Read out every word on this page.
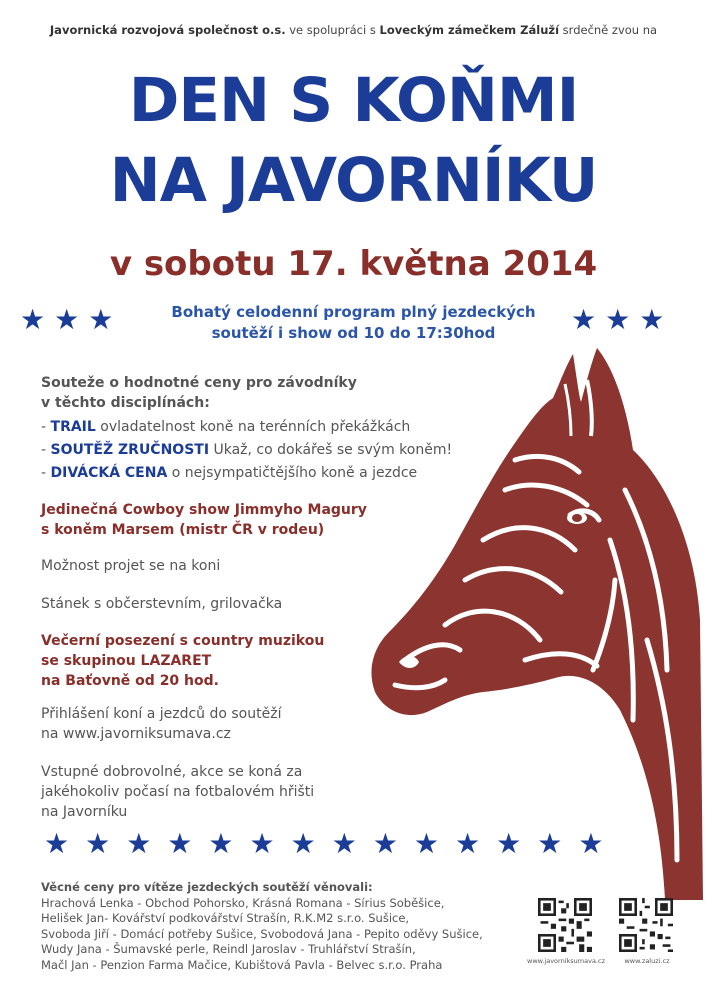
Javornická rozvojová společnost o.s. ve spolupráci s Loveckým zámečkem Záluží srdečně zvou na
DEN S KOŇMI
NA JAVORNÍKU
v sobotu 17. května 2014
★★★	★★★
Bohatý celodenní program plný jezdeckých
soutěží i show od 10 do 17:30hod
Souteže o hodnotné ceny pro závodníky
v těchto disciplínách:
- TRAIL ovladatelnost koně na terénních překážkách
- SOUTĚŽ ZRUČNOSTI Ukaž, co dokářeš se svým koněm!
- DIVÁCKÁ CENA o nejsympatičtějšího koně a jezdce
Jedinečná Cowboy show Jimmyho Magury
s koněm Marsem (mistr ČR v rodeu)
Možnost projet se na koni
Stánek s občerstevním, grilovačka
Večerní posezení s country muzikou
se skupinou LAZARET
na Baťovně od 20 hod.
Přihlášení koní a jezdců do soutěží
na www.javorniksumava.cz
Vstupné dobrovolné, akce se koná za
jakéhokoliv počasí na fotbalovém hřišti
na Javorníku
★★★★★★★★★★★★★★
Věcné ceny pro vítěze jezdeckých soutěží věnovali:
Hrachová Lenka - Obchod Pohorsko, Krásná Romana - Sírius Soběšice,
Helišek Jan- Kovářství podkovářství Strašín, R.K.M2 s.r.o. Sušice,
Svoboda Jiří - Domácí potřeby Sušice, Svobodová Jana - Pepito oděvy Sušice,
Wudy Jana - Šumavské perle, Reindl Jaroslav - Truhlářství Strašín,
Mačl Jan - Penzion Farma Mačice, Kubištová Pavla - Belvec s.r.o. Praha	www.javorniksumava.cz	www.zaluzi.cz
